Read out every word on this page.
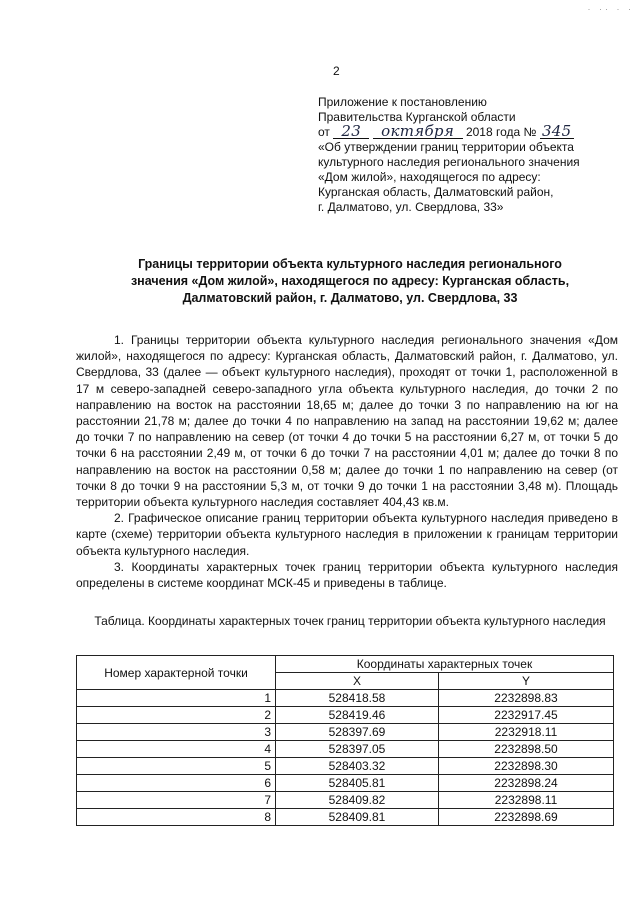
· ·· · ·
2
Приложение к постановлению
Правительства Курганской области
от 23 октября 2018 года № 345
«Об утверждении границ территории объекта
культурного наследия регионального значения
«Дом жилой», находящегося по адресу:
Курганская область, Далматовский район,
г. Далматово, ул. Свердлова, 33»
Границы территории объекта культурного наследия регионального
значения «Дом жилой», находящегося по адресу: Курганская область,
Далматовский район, г. Далматово, ул. Свердлова, 33

1. Границы территории объекта культурного наследия регионального значения «Дом жилой», находящегося по адресу: Курганская область, Далматовский район, г. Далматово, ул. Свердлова, 33 (далее — объект культурного наследия), проходят от точки 1, расположенной в 17 м северо-западней северо-западного угла объекта культурного наследия, до точки 2 по направлению на восток на расстоянии 18,65 м; далее до точки 3 по направлению на юг на расстоянии 21,78 м; далее до точки 4 по направлению на запад на расстоянии 19,62 м; далее до точки 7 по направлению на север (от точки 4 до точки 5 на расстоянии 6,27 м, от точки 5 до точки 6 на расстоянии 2,49 м, от точки 6 до точки 7 на расстоянии 4,01 м; далее до точки 8 по направлению на восток на расстоянии 0,58 м; далее до точки 1 по направлению на север (от точки 8 до точки 9 на расстоянии 5,3 м, от точки 9 до точки 1 на расстоянии 3,48 м). Площадь территории объекта культурного наследия составляет 404,43 кв.м.

2. Графическое описание границ территории объекта культурного наследия приведено в карте (схеме) территории объекта культурного наследия в приложении к границам территории объекта культурного наследия.

3. Координаты характерных точек границ территории объекта культурного наследия определены в системе координат МСК-45 и приведены в таблице.

Таблица. Координаты характерных точек границ территории объекта культурного наследия
Номер характерной точки	Координаты характерных точек	
	X	Y
1	528418.58	2232898.83
2	528419.46	2232917.45
3	528397.69	2232918.11
4	528397.05	2232898.50
5	528403.32	2232898.30
6	528405.81	2232898.24
7	528409.82	2232898.11
8	528409.81	2232898.69
